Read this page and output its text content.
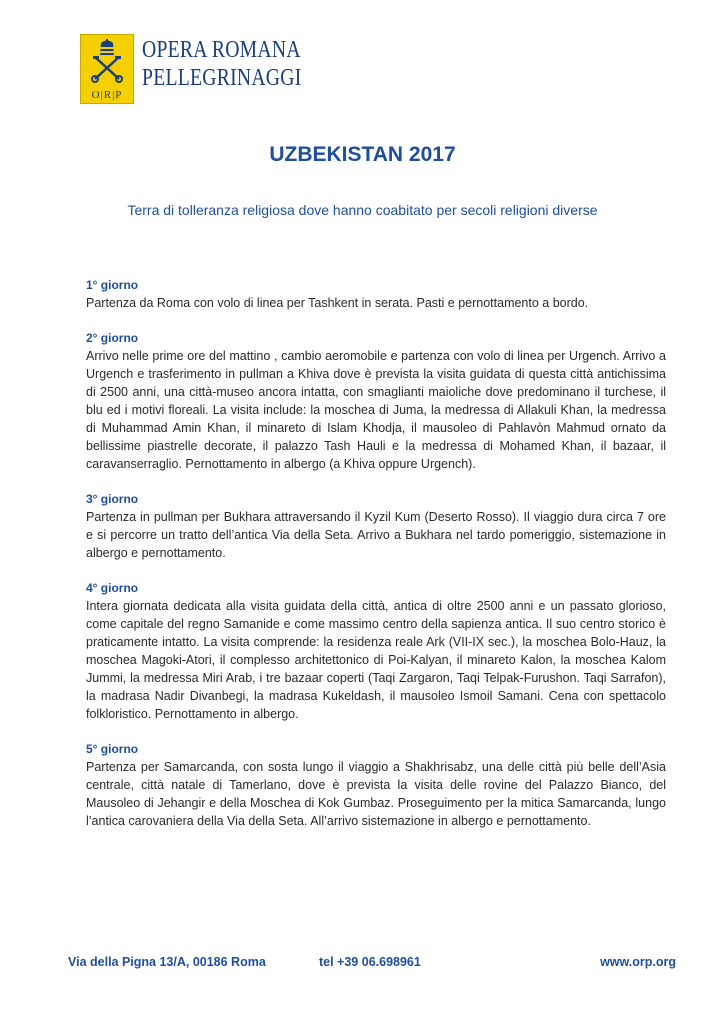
O|R|P
OPERA ROMANA
PELLEGRINAGGI
UZBEKISTAN 2017
Terra di tolleranza religiosa dove hanno coabitato per secoli religioni diverse
1° giorno
Partenza da Roma con volo di linea per Tashkent in serata. Pasti e pernottamento a bordo.
2° giorno
Arrivo nelle prime ore del mattino , cambio aeromobile e partenza con volo di linea per Urgench. Arrivo a Urgench e trasferimento in pullman a Khiva dove è prevista la visita guidata di questa città antichissima di 2500 anni, una città-museo ancora intatta, con smaglianti maioliche dove predominano il turchese, il blu ed i motivi floreali. La visita include: la moschea di Juma, la medressa di Allakuli Khan, la medressa di Muhammad Amin Khan, il minareto di Islam Khodja, il mausoleo di Pahlavòn Mahmud ornato da bellissime piastrelle decorate, il palazzo Tash Hauli e la medressa di Mohamed Khan, il bazaar, il caravanserraglio. Pernottamento in albergo (a Khiva oppure Urgench).
3° giorno
Partenza in pullman per Bukhara attraversando il Kyzil Kum (Deserto Rosso). Il viaggio dura circa 7 ore e si percorre un tratto dell’antica Via della Seta. Arrivo a Bukhara nel tardo pomeriggio, sistemazione in albergo e pernottamento.
4° giorno
Intera giornata dedicata alla visita guidata della città, antica di oltre 2500 anni e un passato glorioso, come capitale del regno Samanide e come massimo centro della sapienza antica. Il suo centro storico è praticamente intatto. La visita comprende: la residenza reale Ark (VII-IX sec.), la moschea Bolo-Hauz, la moschea Magoki-Atori, il complesso architettonico di Poi-Kalyan, il minareto Kalon, la moschea Kalom Jummi, la medressa Miri Arab, i tre bazaar coperti (Taqi Zargaron, Taqi Telpak-Furushon. Taqi Sarrafon), la madrasa Nadir Divanbegi, la madrasa Kukeldash, il mausoleo Ismoil Samani. Cena con spettacolo folkloristico. Pernottamento in albergo.
5° giorno
Partenza per Samarcanda, con sosta lungo il viaggio a Shakhrisabz, una delle città più belle dell’Asia centrale, città natale di Tamerlano, dove è prevista la visita delle rovine del Palazzo Bianco, del Mausoleo di Jehangir e della Moschea di Kok Gumbaz. Proseguimento per la mitica Samarcanda, lungo l’antica carovaniera della Via della Seta. All’arrivo sistemazione in albergo e pernottamento.
Via della Pigna 13/A, 00186 Roma	tel +39 06.698961	www.orp.org
